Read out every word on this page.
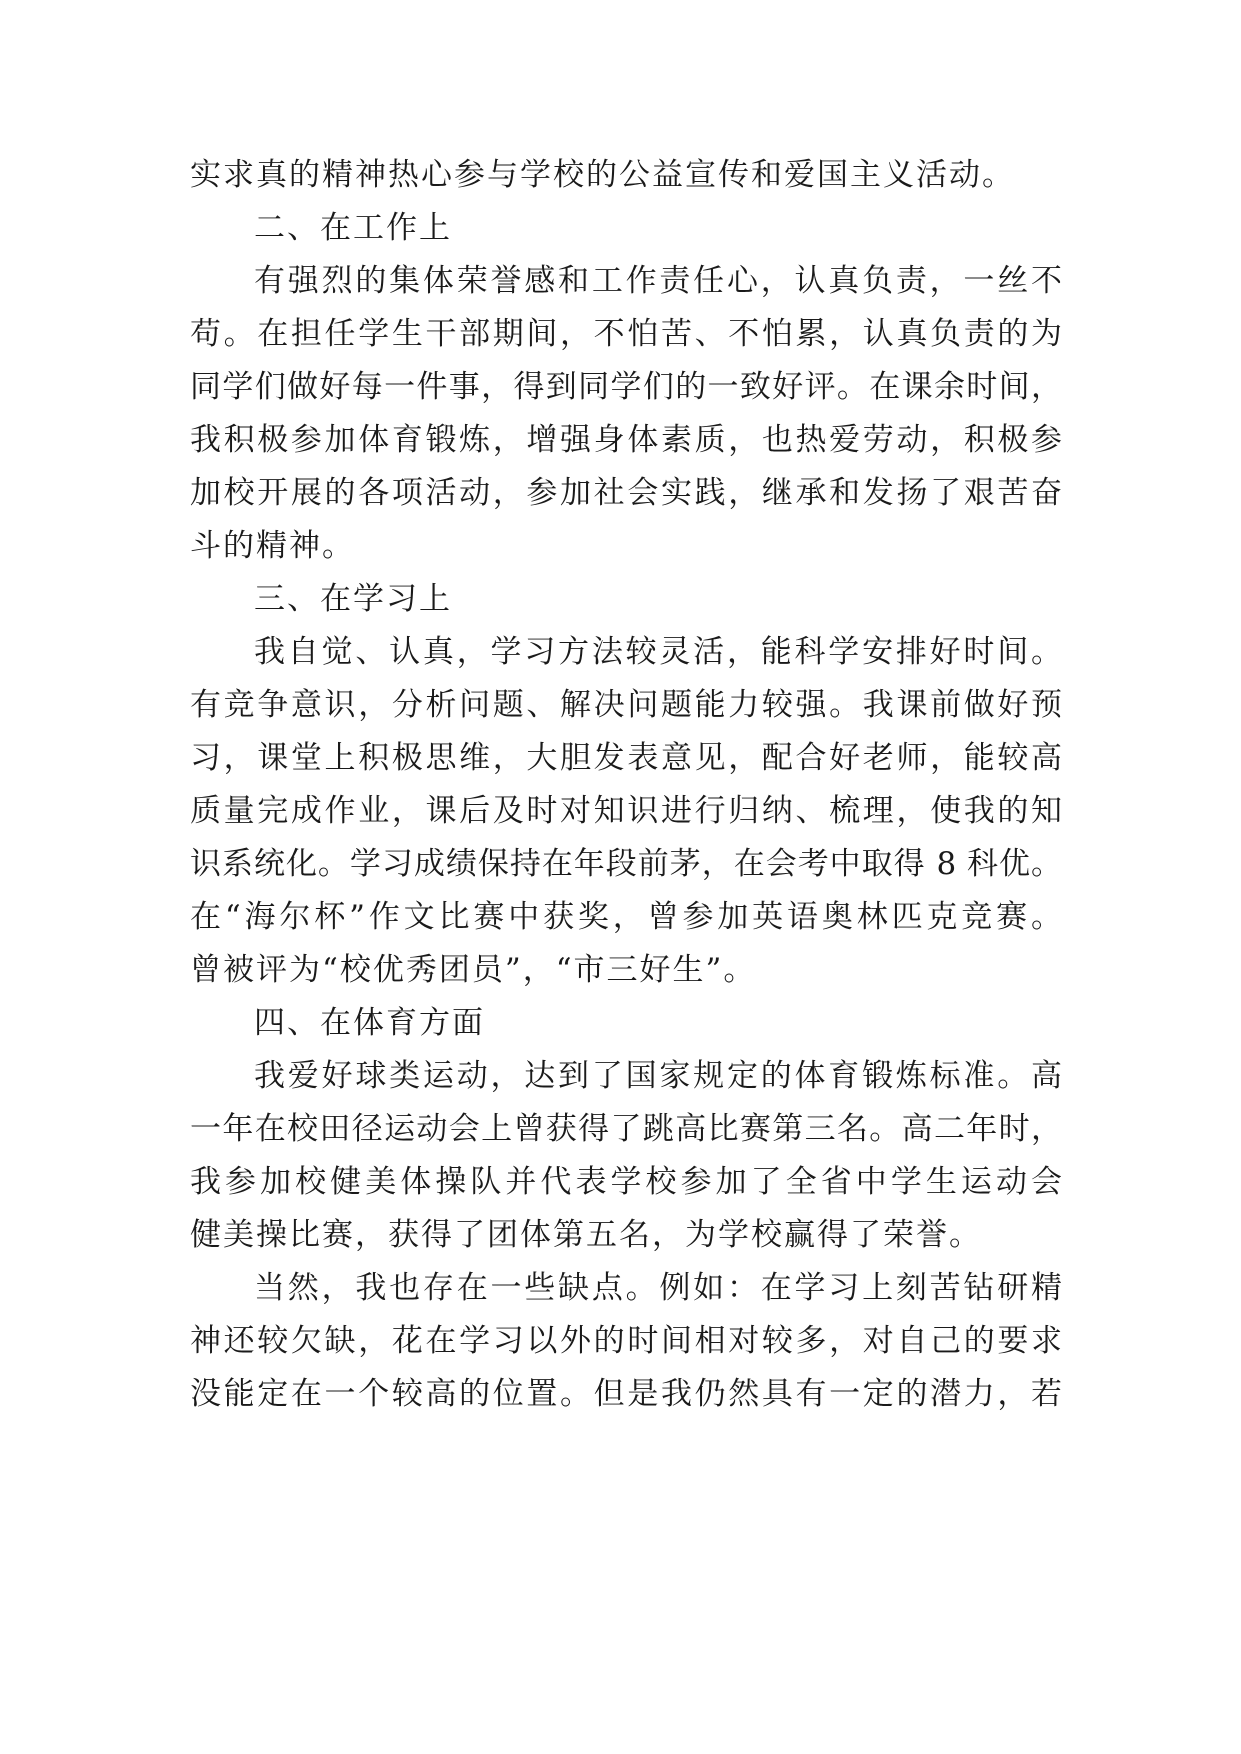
实求真的精神热心参与学校的公益宣传和爱国主义活动。
二、在工作上
有强烈的集体荣誉感和工作责任心，认真负责，一丝不
苟。在担任学生干部期间，不怕苦、不怕累，认真负责的为
同学们做好每一件事，得到同学们的一致好评。在课余时间，
我积极参加体育锻炼，增强身体素质，也热爱劳动，积极参
加校开展的各项活动，参加社会实践，继承和发扬了艰苦奋
斗的精神。
三、在学习上
我自觉、认真，学习方法较灵活，能科学安排好时间。
有竞争意识，分析问题、解决问题能力较强。我课前做好预
习，课堂上积极思维，大胆发表意见，配合好老师，能较高
质量完成作业，课后及时对知识进行归纳、梳理，使我的知
识系统化。学习成绩保持在年段前茅，在会考中取得 8 科优。
在“海尔杯”作文比赛中获奖，曾参加英语奥林匹克竞赛。
曾被评为“校优秀团员”，“市三好生”。
四、在体育方面
我爱好球类运动，达到了国家规定的体育锻炼标准。高
一年在校田径运动会上曾获得了跳高比赛第三名。高二年时，
我参加校健美体操队并代表学校参加了全省中学生运动会
健美操比赛，获得了团体第五名，为学校赢得了荣誉。
当然，我也存在一些缺点。例如：在学习上刻苦钻研精
神还较欠缺，花在学习以外的时间相对较多，对自己的要求
没能定在一个较高的位置。但是我仍然具有一定的潜力，若
